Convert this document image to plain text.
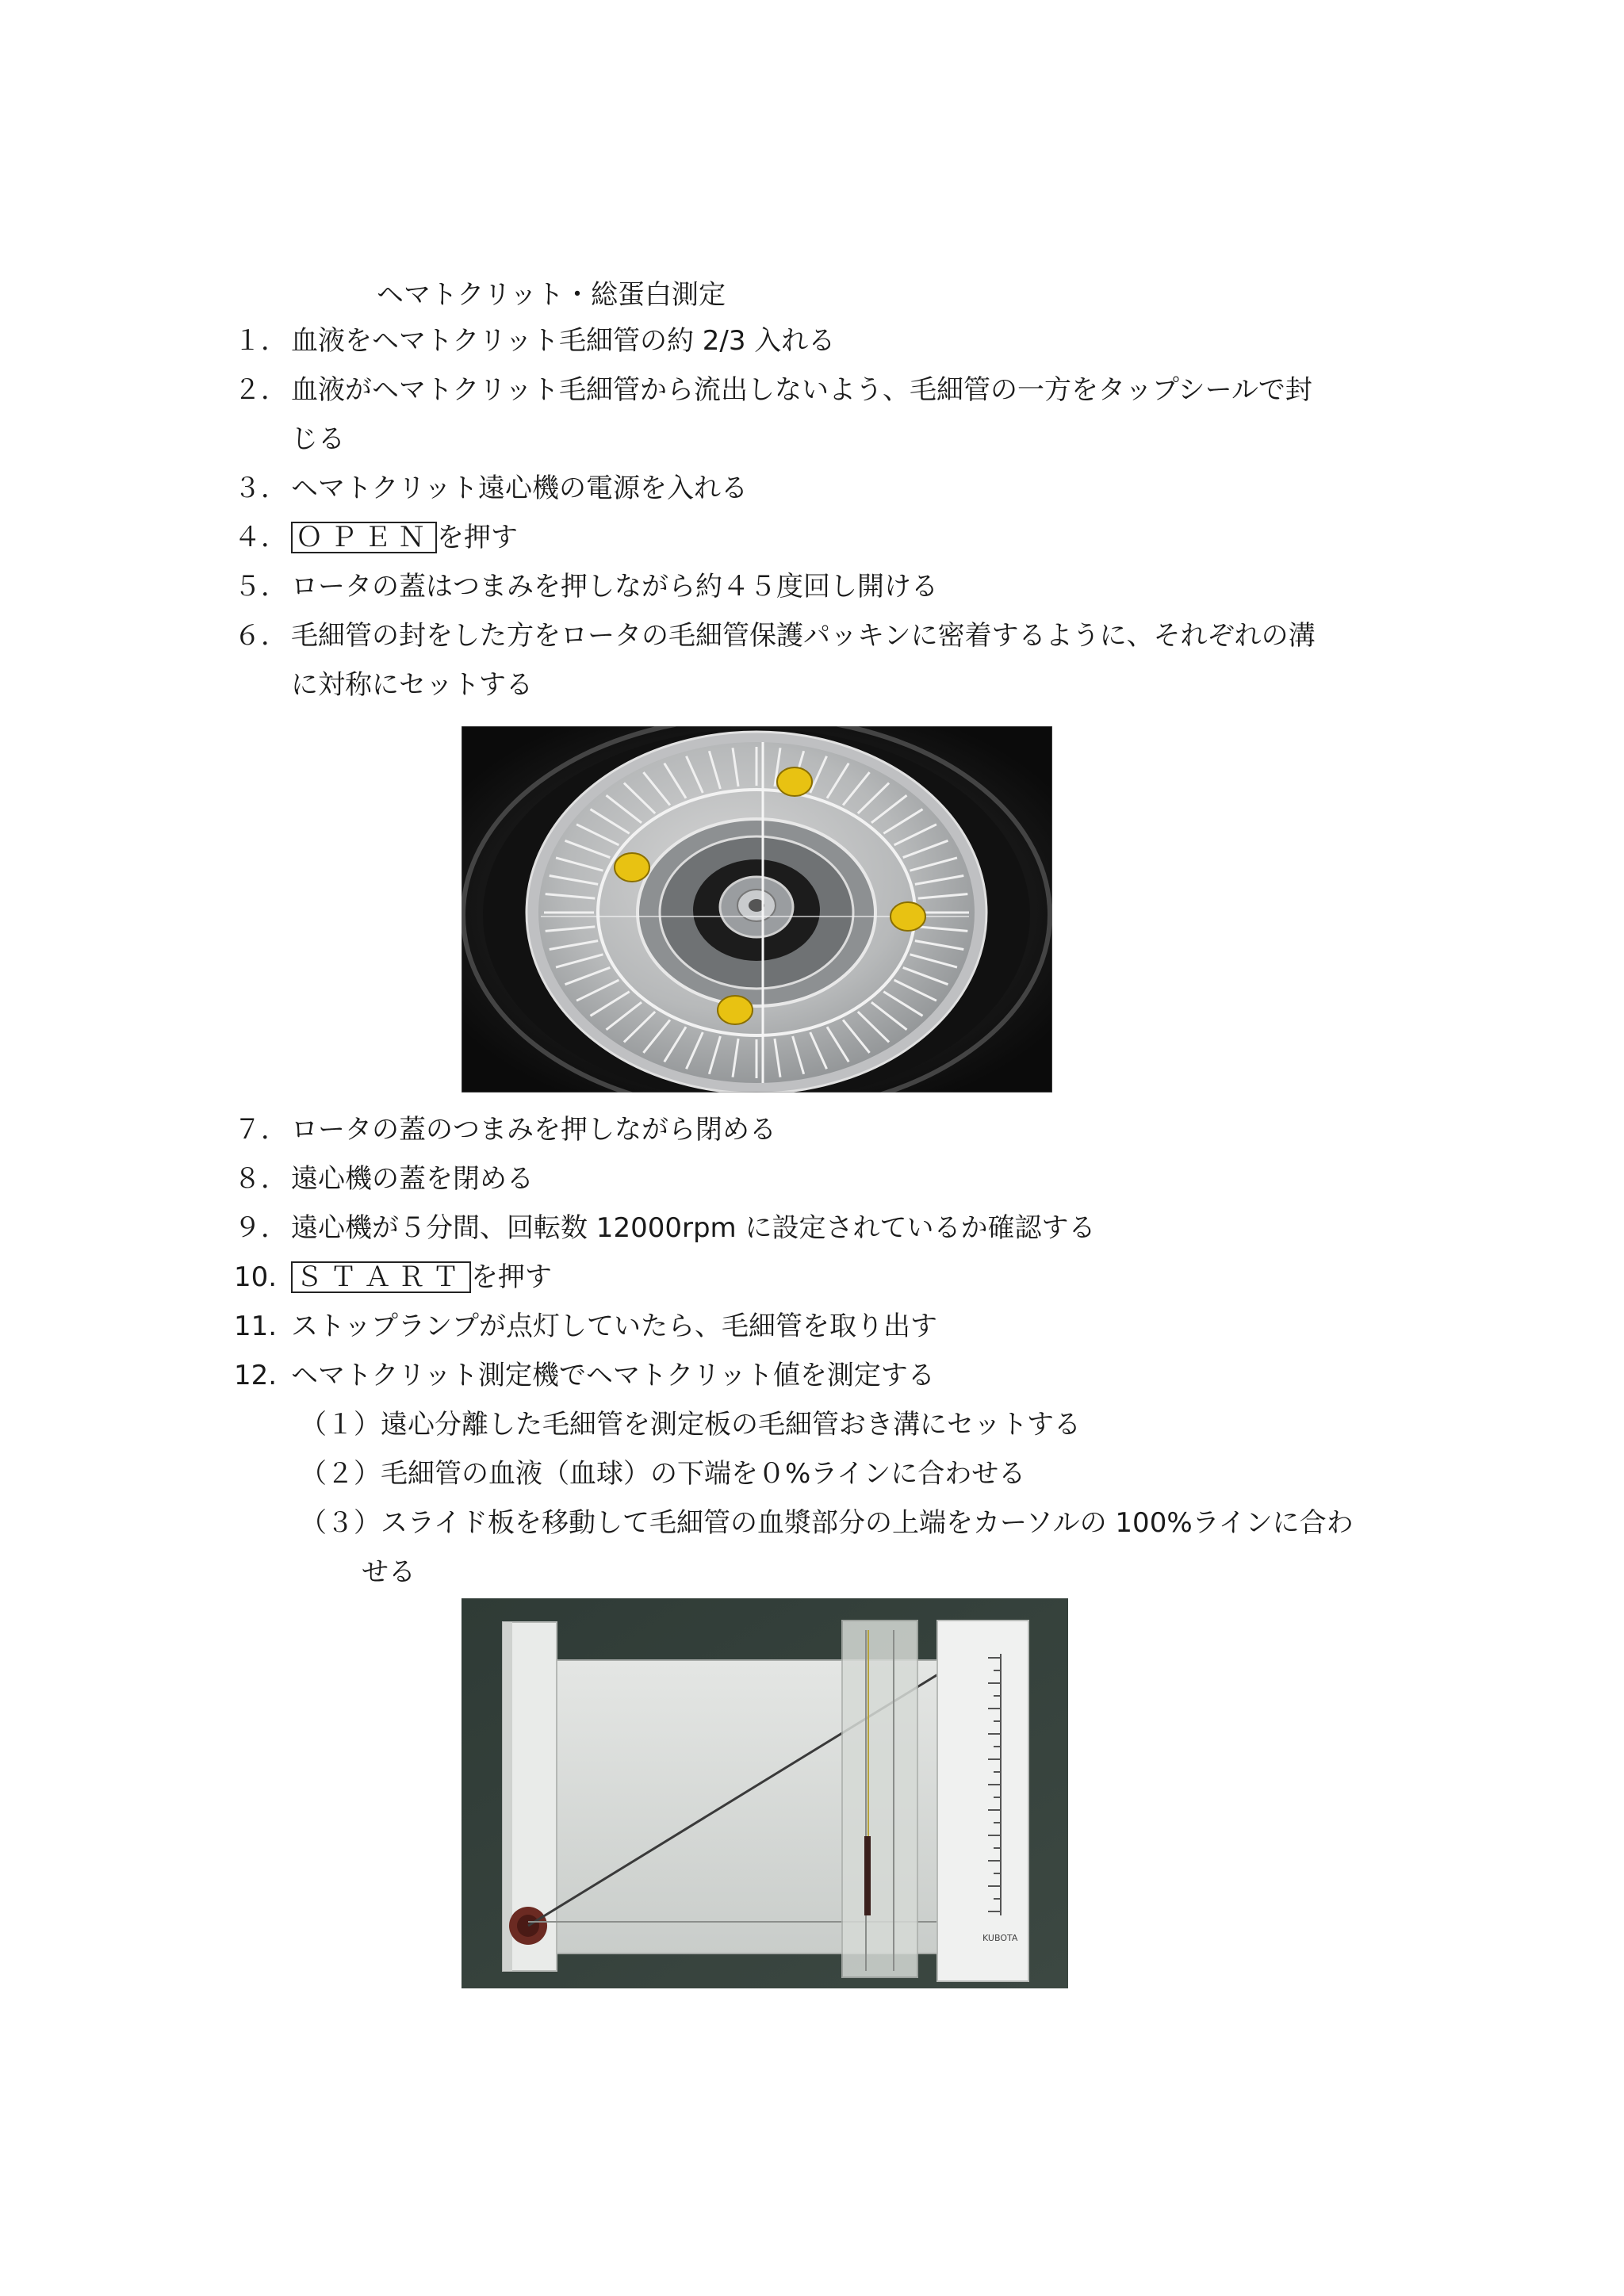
ヘマトクリット・総蛋白測定
１． 血液をヘマトクリット毛細管の約 2/3 入れる
２． 血液がヘマトクリット毛細管から流出しないよう、毛細管の一方をタップシールで封
じる
３． ヘマトクリット遠心機の電源を入れる
４． ＯＰＥＮ を押す
５． ロータの蓋はつまみを押しながら約４５度回し開ける
６． 毛細管の封をした方をロータの毛細管保護パッキンに密着するように、それぞれの溝
に対称にセットする
７． ロータの蓋のつまみを押しながら閉める
８． 遠心機の蓋を閉める
９． 遠心機が５分間、回転数 12000rpm に設定されているか確認する
10. ＳＴＡＲＴ を押す
11. ストップランプが点灯していたら、毛細管を取り出す
12. ヘマトクリット測定機でヘマトクリット値を測定する
（１）遠心分離した毛細管を測定板の毛細管おき溝にセットする
（２）毛細管の血液（血球）の下端を０%ラインに合わせる
（３）スライド板を移動して毛細管の血漿部分の上端をカーソルの 100%ラインに合わ
せる
KUBOTA
